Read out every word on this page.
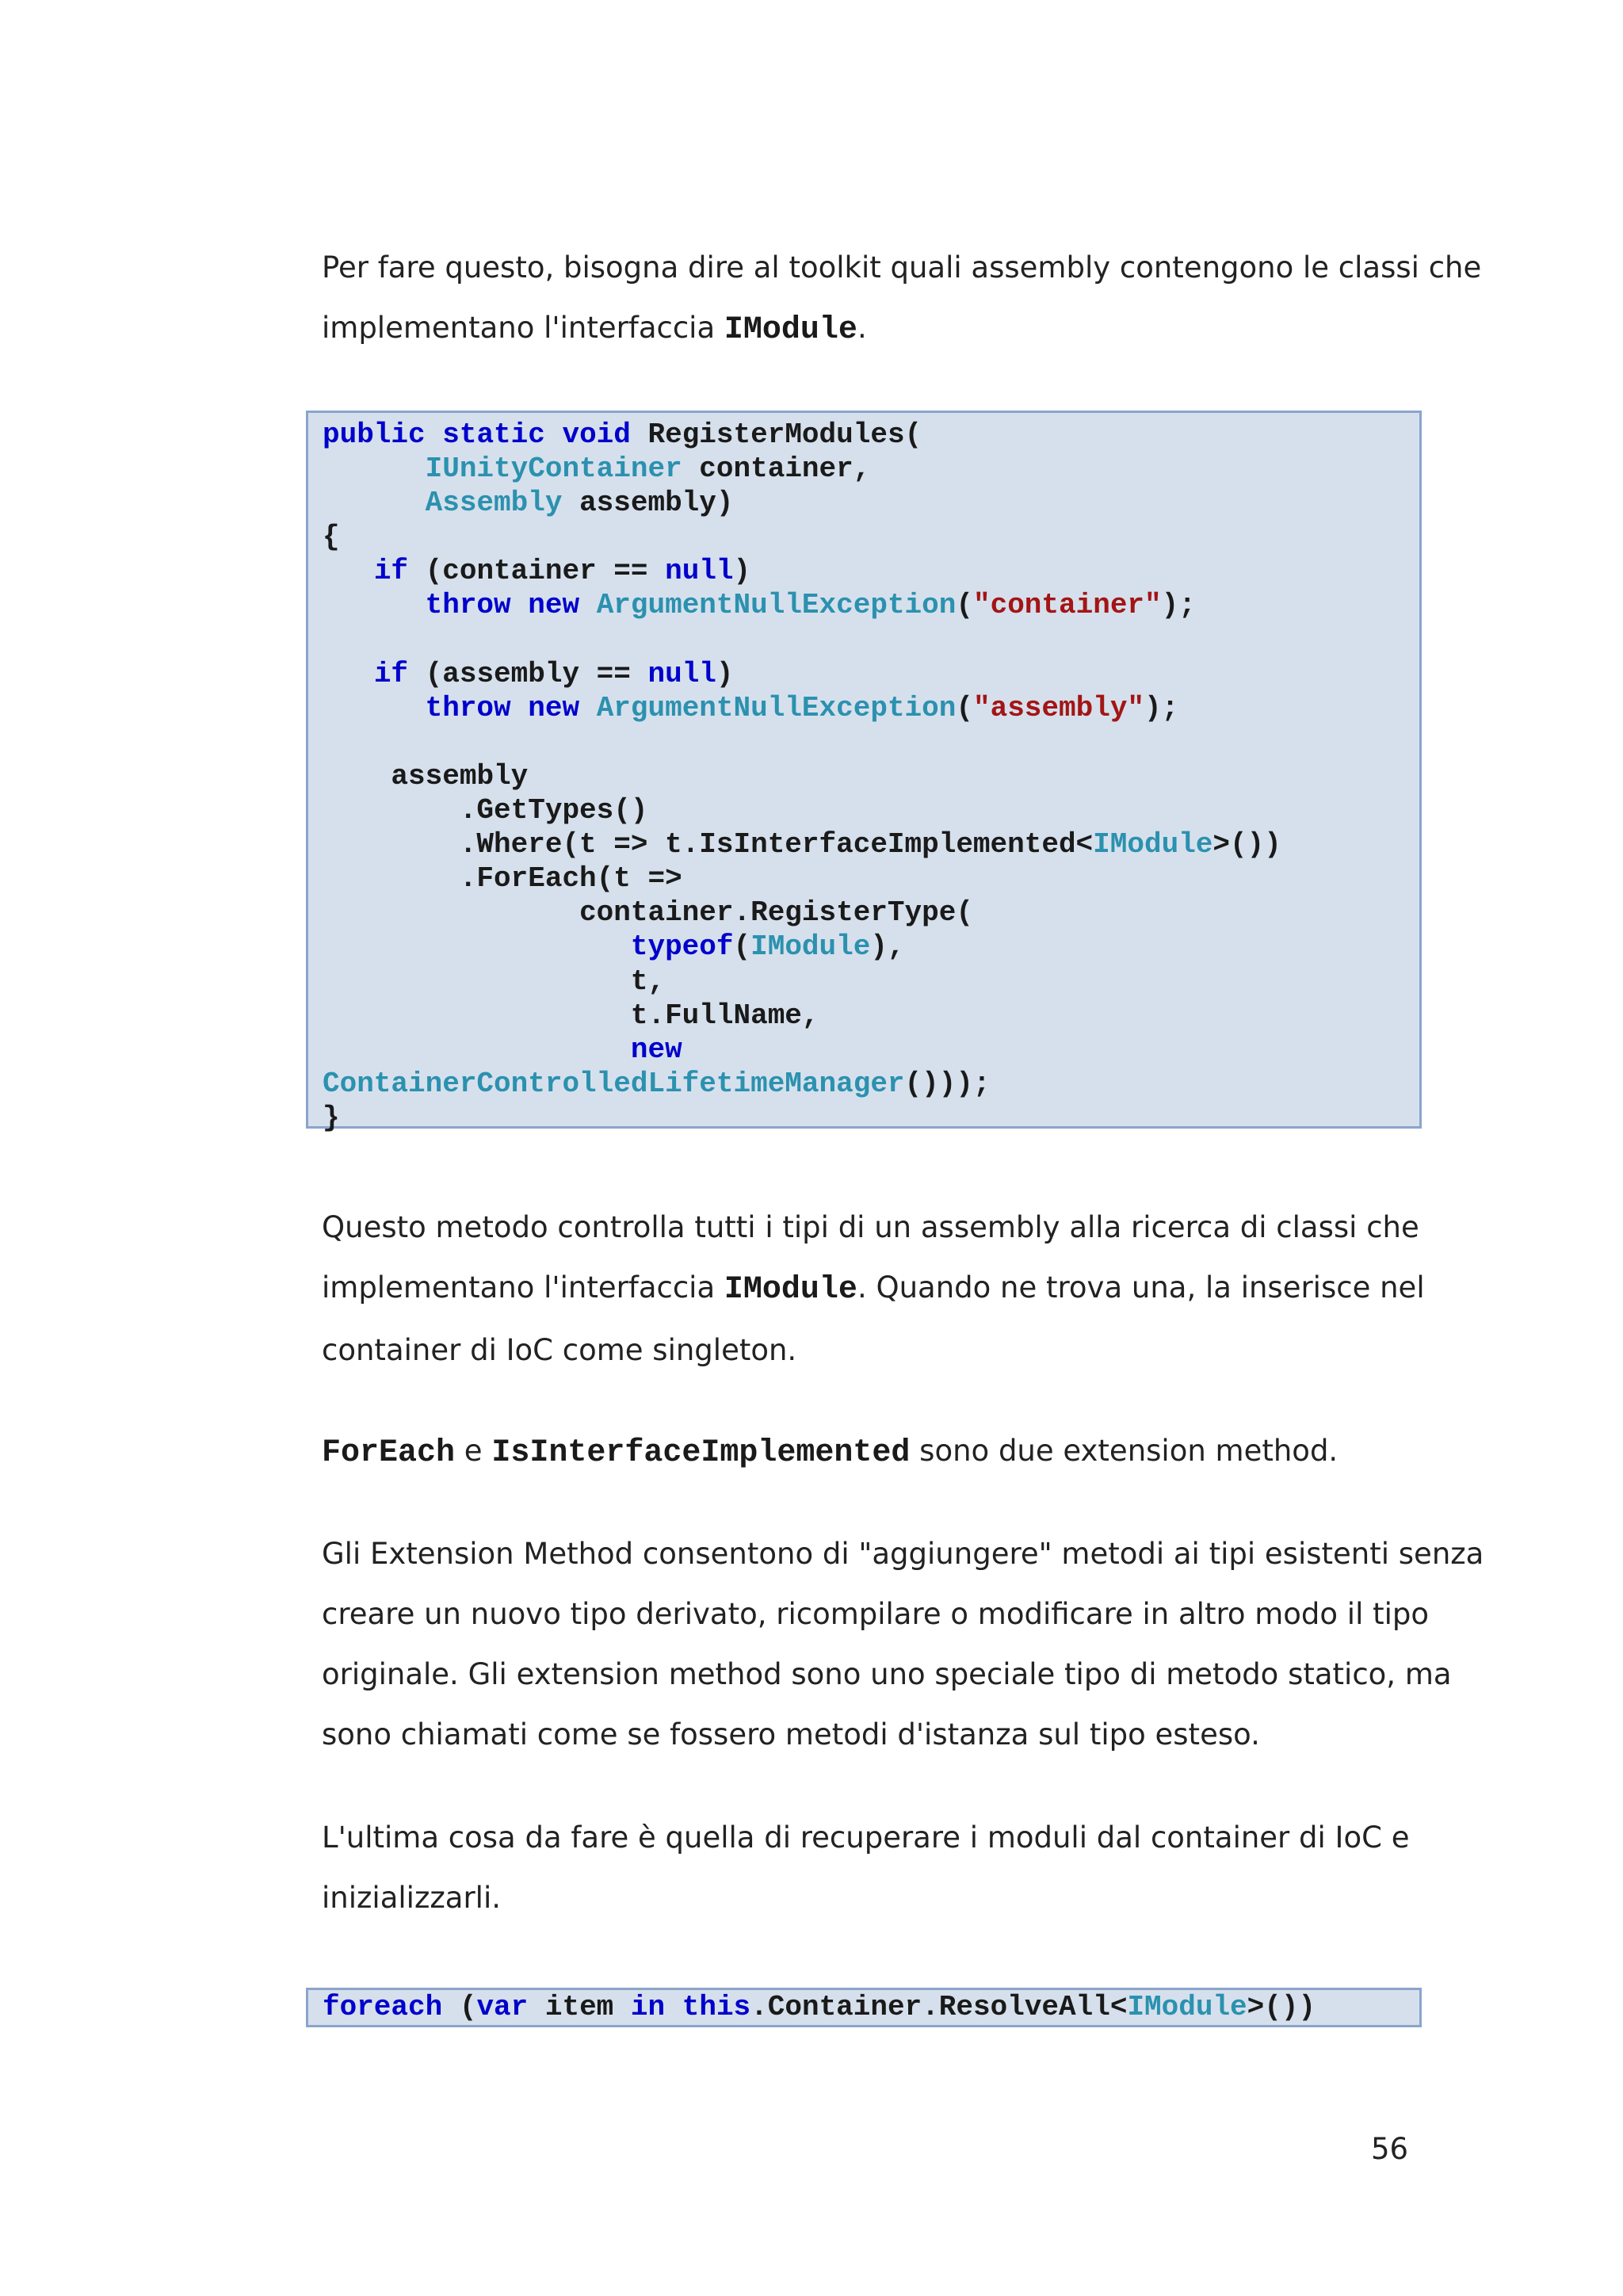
Per fare questo, bisogna dire al toolkit quali assembly contengono le classi che
implementano l'interfaccia IModule.
public static void RegisterModules(
IUnityContainer container,
Assembly assembly)
{
if (container == null)
throw new ArgumentNullException("container");

if (assembly == null)
throw new ArgumentNullException("assembly");

assembly
.GetTypes()
.Where(t => t.IsInterfaceImplemented<IModule>())
.ForEach(t =>
container.RegisterType(
typeof(IModule),
t,
t.FullName,
new
ContainerControlledLifetimeManager()));
}
Questo metodo controlla tutti i tipi di un assembly alla ricerca di classi che
implementano l'interfaccia IModule. Quando ne trova una, la inserisce nel
container di IoC come singleton.
ForEach e IsInterfaceImplemented sono due extension method.
Gli Extension Method consentono di "aggiungere" metodi ai tipi esistenti senza
creare un nuovo tipo derivato, ricompilare o modificare in altro modo il tipo
originale. Gli extension method sono uno speciale tipo di metodo statico, ma
sono chiamati come se fossero metodi d'istanza sul tipo esteso.
L'ultima cosa da fare è quella di recuperare i moduli dal container di IoC e
inizializzarli.
foreach (var item in this.Container.ResolveAll<IModule>())
56
